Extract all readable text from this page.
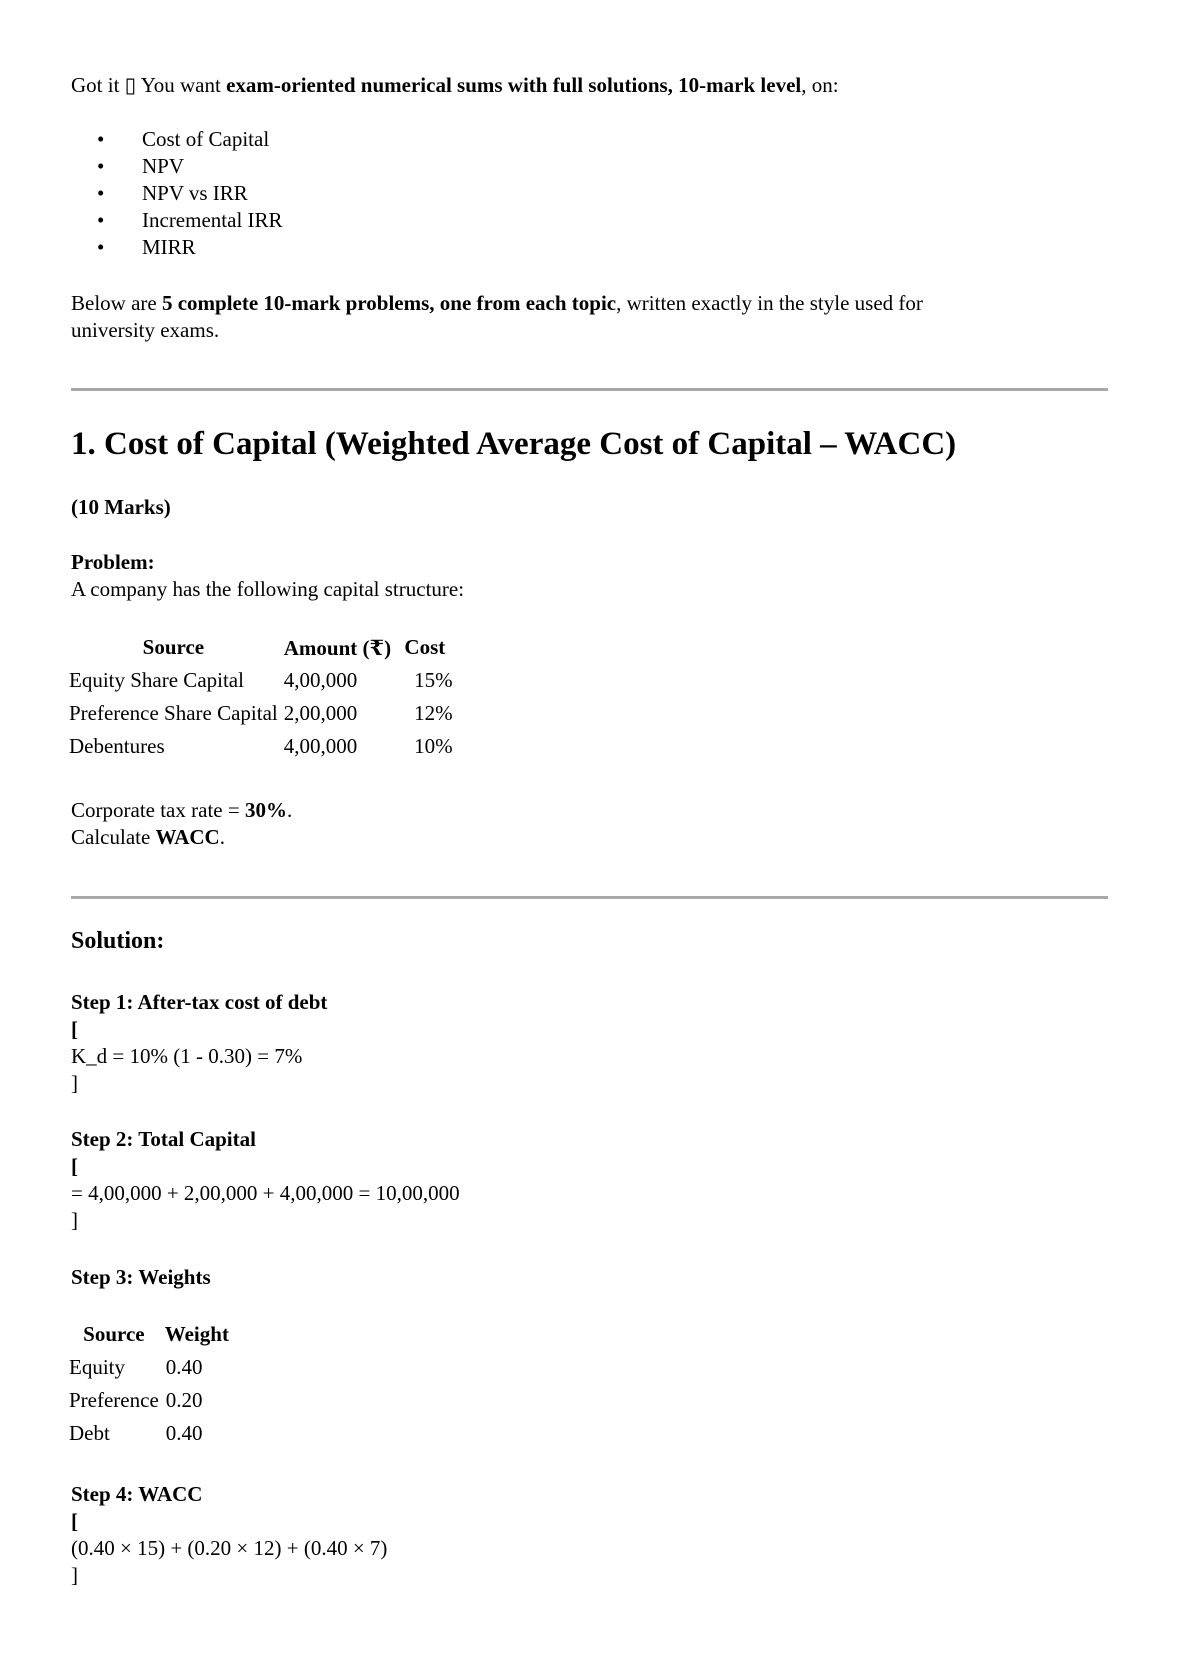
Got it ▯ You want exam-oriented numerical sums with full solutions, 10-mark level, on:
• Cost of Capital
• NPV
• NPV vs IRR
• Incremental IRR
• MIRR
Below are 5 complete 10-mark problems, one from each topic, written exactly in the style used for
university exams.
1. Cost of Capital (Weighted Average Cost of Capital – WACC)
(10 Marks)
Problem:
A company has the following capital structure:
Source	Amount (₹)	Cost
Equity Share Capital	4,00,000	15%
Preference Share Capital	2,00,000	12%
Debentures	4,00,000	10%
Corporate tax rate = 30%.
Calculate WACC.
Solution:
Step 1: After-tax cost of debt
[
K_d = 10% (1 - 0.30) = 7%
]
Step 2: Total Capital
[
= 4,00,000 + 2,00,000 + 4,00,000 = 10,00,000
]
Step 3: Weights
Source	Weight
Equity	0.40
Preference	0.20
Debt	0.40
Step 4: WACC
[
(0.40 × 15) + (0.20 × 12) + (0.40 × 7)
]
